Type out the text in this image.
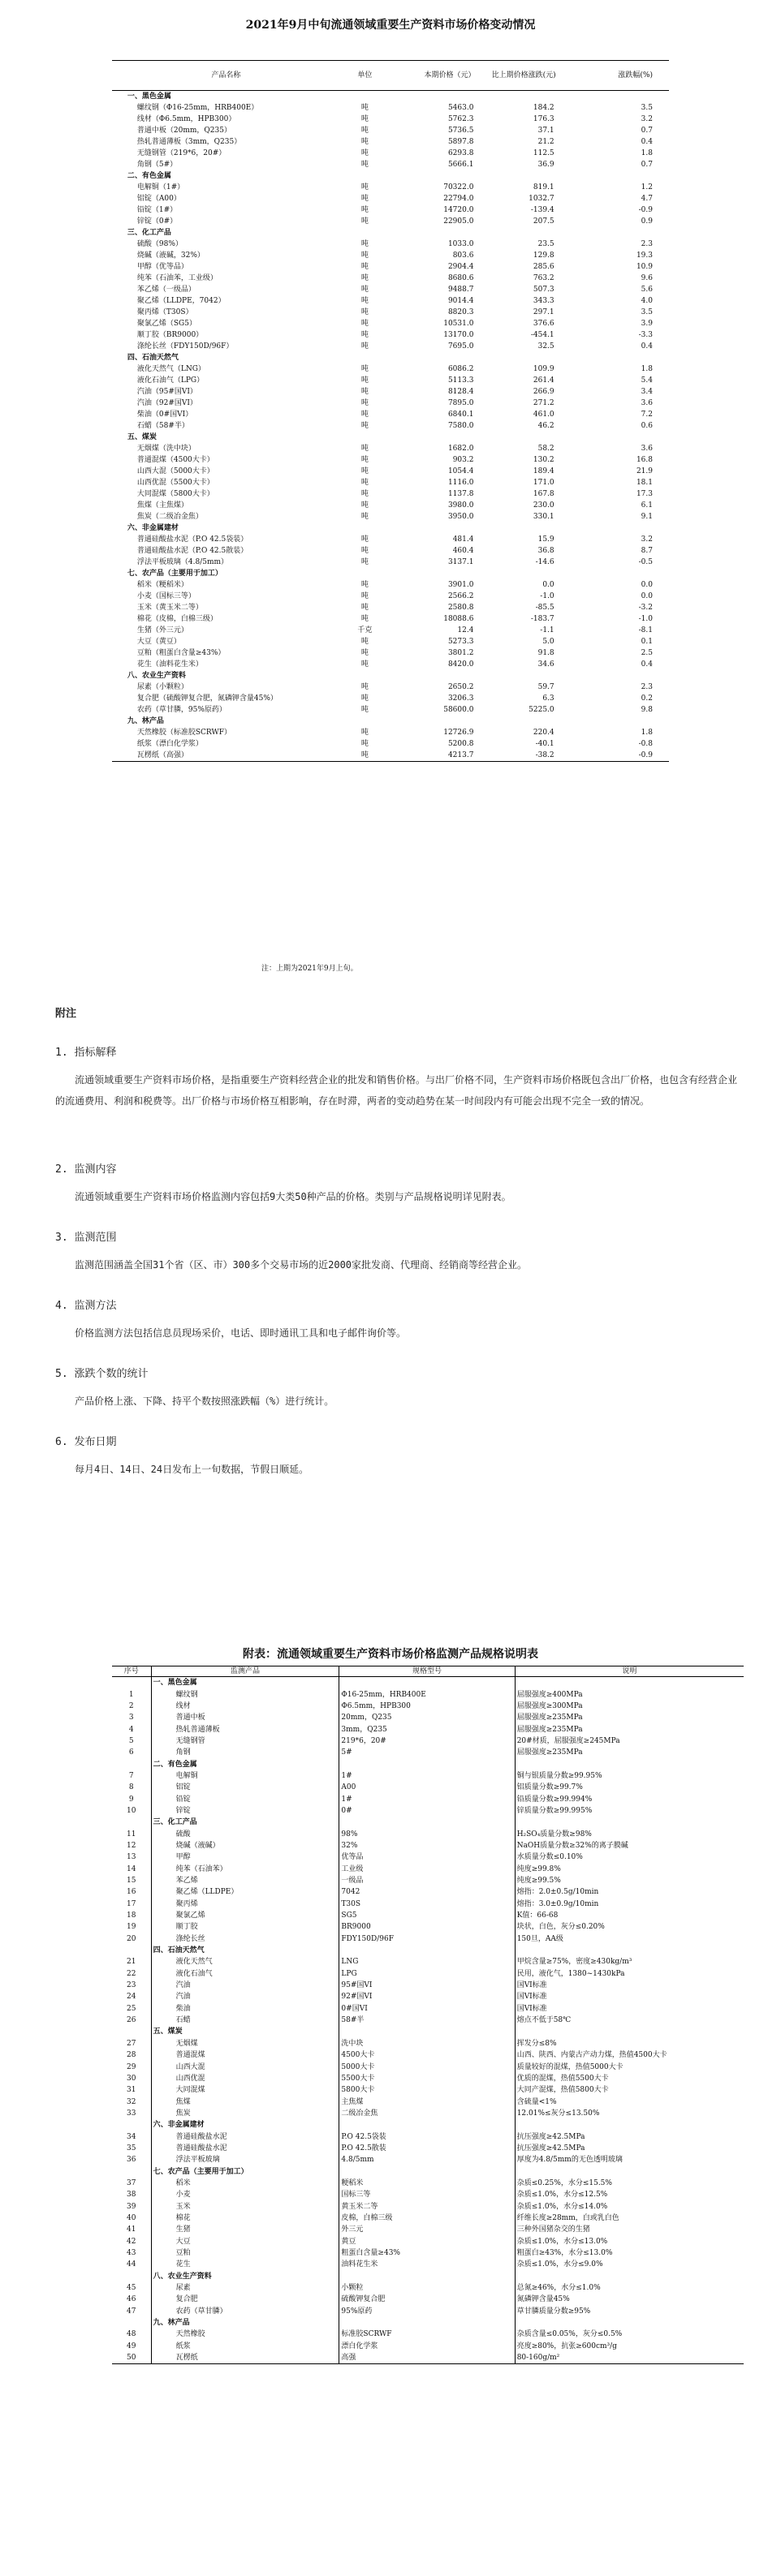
2021年9月中旬流通领域重要生产资料市场价格变动情况
	产品名称	单位	本期价格（元）	比上期价格涨跌(元)	涨跌幅(%)
	一、黑色金属				
	螺纹钢（Φ16-25mm，HRB400E）	吨	5463.0	184.2	3.5
	线材（Φ6.5mm，HPB300）	吨	5762.3	176.3	3.2
	普通中板（20mm，Q235）	吨	5736.5	37.1	0.7
	热轧普通薄板（3mm，Q235）	吨	5897.8	21.2	0.4
	无缝钢管（219*6，20#）	吨	6293.8	112.5	1.8
	角钢（5#）	吨	5666.1	36.9	0.7
	二、有色金属				
	电解铜（1#）	吨	70322.0	819.1	1.2
	铝锭（A00）	吨	22794.0	1032.7	4.7
	铅锭（1#）	吨	14720.0	-139.4	-0.9
	锌锭（0#）	吨	22905.0	207.5	0.9
	三、化工产品				
	硫酸（98%）	吨	1033.0	23.5	2.3
	烧碱（液碱，32%）	吨	803.6	129.8	19.3
	甲醇（优等品）	吨	2904.4	285.6	10.9
	纯苯（石油苯，工业级）	吨	8680.6	763.2	9.6
	苯乙烯（一级品）	吨	9488.7	507.3	5.6
	聚乙烯（LLDPE，7042）	吨	9014.4	343.3	4.0
	聚丙烯（T30S）	吨	8820.3	297.1	3.5
	聚氯乙烯（SG5）	吨	10531.0	376.6	3.9
	顺丁胶（BR9000）	吨	13170.0	-454.1	-3.3
	涤纶长丝（FDY150D/96F）	吨	7695.0	32.5	0.4
	四、石油天然气				
	液化天然气（LNG）	吨	6086.2	109.9	1.8
	液化石油气（LPG）	吨	5113.3	261.4	5.4
	汽油（95#国VI）	吨	8128.4	266.9	3.4
	汽油（92#国VI）	吨	7895.0	271.2	3.6
	柴油（0#国VI）	吨	6840.1	461.0	7.2
	石蜡（58#半）	吨	7580.0	46.2	0.6
	五、煤炭				
	无烟煤（洗中块）	吨	1682.0	58.2	3.6
	普通混煤（4500大卡）	吨	903.2	130.2	16.8
	山西大混（5000大卡）	吨	1054.4	189.4	21.9
	山西优混（5500大卡）	吨	1116.0	171.0	18.1
	大同混煤（5800大卡）	吨	1137.8	167.8	17.3
	焦煤（主焦煤）	吨	3980.0	230.0	6.1
	焦炭（二级冶金焦）	吨	3950.0	330.1	9.1
	六、非金属建材				
	普通硅酸盐水泥（P.O 42.5袋装）	吨	481.4	15.9	3.2
	普通硅酸盐水泥（P.O 42.5散装）	吨	460.4	36.8	8.7
	浮法平板玻璃（4.8/5mm）	吨	3137.1	-14.6	-0.5
	七、农产品（主要用于加工）				
	稻米（粳稻米）	吨	3901.0	0.0	0.0
	小麦（国标三等）	吨	2566.2	-1.0	0.0
	玉米（黄玉米二等）	吨	2580.8	-85.5	-3.2
	棉花（皮棉，白棉三级）	吨	18088.6	-183.7	-1.0
	生猪（外三元）	千克	12.4	-1.1	-8.1
	大豆（黄豆）	吨	5273.3	5.0	0.1
	豆粕（粗蛋白含量≥43%）	吨	3801.2	91.8	2.5
	花生（油料花生米）	吨	8420.0	34.6	0.4
	八、农业生产资料				
	尿素（小颗粒）	吨	2650.2	59.7	2.3
	复合肥（硫酸钾复合肥，氮磷钾含量45%）	吨	3206.3	6.3	0.2
	农药（草甘膦，95%原药）	吨	58600.0	5225.0	9.8
	九、林产品				
	天然橡胶（标准胶SCRWF）	吨	12726.9	220.4	1.8
	纸浆（漂白化学浆）	吨	5200.8	-40.1	-0.8
	瓦楞纸（高强）	吨	4213.7	-38.2	-0.9
注：上期为2021年9月上旬。
附注
1. 指标解释
流通领域重要生产资料市场价格，是指重要生产资料经营企业的批发和销售价格。与出厂价格不同，生产资料市场价格既包含出厂价格，也包含有经营企业的流通费用、利润和税费等。出厂价格与市场价格互相影响，存在时滞，两者的变动趋势在某一时间段内有可能会出现不完全一致的情况。
2. 监测内容
流通领域重要生产资料市场价格监测内容包括9大类50种产品的价格。类别与产品规格说明详见附表。
3. 监测范围
监测范围涵盖全国31个省（区、市）300多个交易市场的近2000家批发商、代理商、经销商等经营企业。
4. 监测方法
价格监测方法包括信息员现场采价，电话、即时通讯工具和电子邮件询价等。
5. 涨跌个数的统计
产品价格上涨、下降、持平个数按照涨跌幅（%）进行统计。
6. 发布日期
每月4日、14日、24日发布上一旬数据，节假日顺延。
附表：流通领域重要生产资料市场价格监测产品规格说明表
序号	监测产品	规格型号	说明
	一、黑色金属		
1	螺纹钢	Φ16-25mm，HRB400E	屈服强度≥400MPa
2	线材	Φ6.5mm，HPB300	屈服强度≥300MPa
3	普通中板	20mm，Q235	屈服强度≥235MPa
4	热轧普通薄板	3mm，Q235	屈服强度≥235MPa
5	无缝钢管	219*6，20#	20#材质，屈服强度≥245MPa
6	角钢	5#	屈服强度≥235MPa
	二、有色金属		
7	电解铜	1#	铜与银质量分数≥99.95%
8	铝锭	A00	铝质量分数≥99.7%
9	铅锭	1#	铅质量分数≥99.994%
10	锌锭	0#	锌质量分数≥99.995%
	三、化工产品		
11	硫酸	98%	H₂SO₄质量分数≥98%
12	烧碱（液碱）	32%	NaOH质量分数≥32%的离子膜碱
13	甲醇	优等品	水质量分数≤0.10%
14	纯苯（石油苯）	工业级	纯度≥99.8%
15	苯乙烯	一级品	纯度≥99.5%
16	聚乙烯（LLDPE）	7042	熔指：2.0±0.5g/10min
17	聚丙烯	T30S	熔指：3.0±0.9g/10min
18	聚氯乙烯	SG5	K值：66-68
19	顺丁胶	BR9000	块状，白色，灰分≤0.20%
20	涤纶长丝	FDY150D/96F	150旦，AA级
	四、石油天然气		
21	液化天然气	LNG	甲烷含量≥75%，密度≥430kg/m³
22	液化石油气	LPG	民用，液化气，1380~1430kPa
23	汽油	95#国VI	国VI标准
24	汽油	92#国VI	国VI标准
25	柴油	0#国VI	国VI标准
26	石蜡	58#半	熔点不低于58℃
	五、煤炭		
27	无烟煤	洗中块	挥发分≤8%
28	普通混煤	4500大卡	山西、陕西、内蒙古产动力煤，热值4500大卡
29	山西大混	5000大卡	质量较好的混煤，热值5000大卡
30	山西优混	5500大卡	优质的混煤，热值5500大卡
31	大同混煤	5800大卡	大同产混煤，热值5800大卡
32	焦煤	主焦煤	含硫量<1%
33	焦炭	二级冶金焦	12.01%≤灰分≤13.50%
	六、非金属建材		
34	普通硅酸盐水泥	P.O 42.5袋装	抗压强度≥42.5MPa
35	普通硅酸盐水泥	P.O 42.5散装	抗压强度≥42.5MPa
36	浮法平板玻璃	4.8/5mm	厚度为4.8/5mm的无色透明玻璃
	七、农产品（主要用于加工）		
37	稻米	粳稻米	杂质≤0.25%，水分≤15.5%
38	小麦	国标三等	杂质≤1.0%，水分≤12.5%
39	玉米	黄玉米二等	杂质≤1.0%，水分≤14.0%
40	棉花	皮棉，白棉三级	纤维长度≥28mm，白或乳白色
41	生猪	外三元	三种外国猪杂交的生猪
42	大豆	黄豆	杂质≤1.0%，水分≤13.0%
43	豆粕	粗蛋白含量≥43%	粗蛋白≥43%，水分≤13.0%
44	花生	油料花生米	杂质≤1.0%，水分≤9.0%
	八、农业生产资料		
45	尿素	小颗粒	总氮≥46%，水分≤1.0%
46	复合肥	硫酸钾复合肥	氮磷钾含量45%
47	农药（草甘膦）	95%原药	草甘膦质量分数≥95%
	九、林产品		
48	天然橡胶	标准胶SCRWF	杂质含量≤0.05%，灰分≤0.5%
49	纸浆	漂白化学浆	亮度≥80%，抗张≥600cm³/g
50	瓦楞纸	高强	80-160g/m²
